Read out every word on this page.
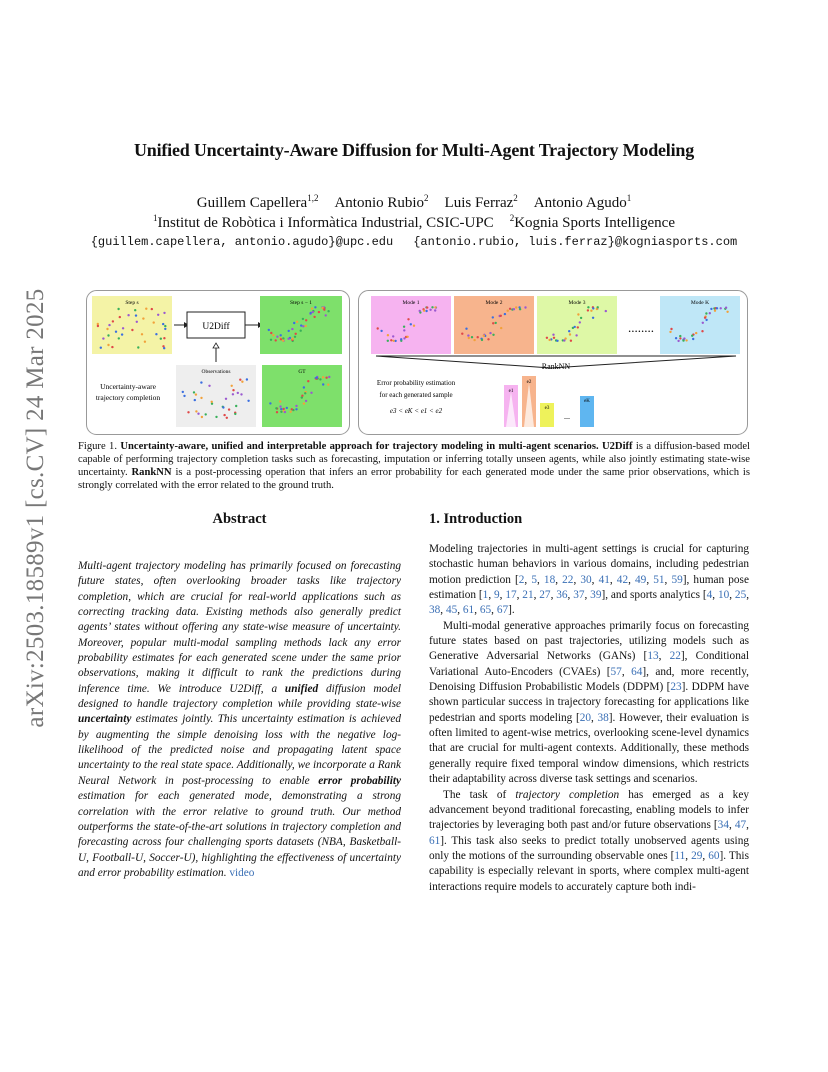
arXiv:2503.18589v1 [cs.CV] 24 Mar 2025
Unified Uncertainty-Aware Diffusion for Multi-Agent Trajectory Modeling
Guillem Capellera$^{1,2}$ Antonio Rubio$^2$ Luis Ferraz$^2$ Antonio Agudo$^1$
$^1$Institut de Robòtica i Informàtica Industrial, CSIC-UPC $^2$Kognia Sports Intelligence
{guillem.capellera, antonio.agudo}@upc.edu {antonio.rubio, luis.ferraz}@kogniasports.com
Step s
U2Diff
Step s − 1
Uncertainty-aware
trajectory completion
Observations	GT
Mode 1	Mode 2	Mode 3
........
Mode K
RankNN
Error probability estimation
for each generated sample
e3 < eK < e1 < e2
e1
e2
e3
...
eK
Figure 1. Uncertainty-aware, unified and interpretable approach for trajectory modeling in multi-agent scenarios. U2Diff is a diffusion-based model capable of performing trajectory completion tasks such as forecasting, imputation or inferring totally unseen agents, while also jointly estimating state-wise uncertainty. RankNN is a post-processing operation that infers an error probability for each generated mode under the same prior observations, which is strongly correlated with the error related to the ground truth.
Abstract	1. Introduction
Multi-agent trajectory modeling has primarily focused on forecasting future states, often overlooking broader tasks like trajectory completion, which are crucial for real-world applications such as correcting tracking data. Existing methods also generally predict agents’ states without offering any state-wise measure of uncertainty. Moreover, popular multi-modal sampling methods lack any error probability estimates for each generated scene under the same prior observations, making it difficult to rank the predictions during inference time. We introduce U2Diff, a unified diffusion model designed to handle trajectory completion while providing state-wise uncertainty estimates jointly. This uncertainty estimation is achieved by augmenting the simple denoising loss with the negative log-likelihood of the predicted noise and propagating latent space uncertainty to the real state space. Additionally, we incorporate a Rank Neural Network in post-processing to enable error probability estimation for each generated mode, demonstrating a strong correlation with the error relative to ground truth. Our method outperforms the state-of-the-art solutions in trajectory completion and forecasting across four challenging sports datasets (NBA, Basketball-U, Football-U, Soccer-U), highlighting the effectiveness of uncertainty and error probability estimation. video

Modeling trajectories in multi-agent settings is crucial for capturing stochastic human behaviors in various domains, including pedestrian motion prediction [2, 5, 18, 22, 30, 41, 42, 49, 51, 59], human pose estimation [1, 9, 17, 21, 27, 36, 37, 39], and sports analytics [4, 10, 25, 38, 45, 61, 65, 67].

Multi-modal generative approaches primarily focus on forecasting future states based on past trajectories, utilizing models such as Generative Adversarial Networks (GANs) [13, 22], Conditional Variational Auto-Encoders (CVAEs) [57, 64], and, more recently, Denoising Diffusion Probabilistic Models (DDPM) [23]. DDPM have shown particular success in trajectory forecasting for applications like pedestrian and sports modeling [20, 38]. However, their evaluation is often limited to agent-wise metrics, overlooking scene-level dynamics that are crucial for multi-agent contexts. Additionally, these methods generally require fixed temporal window dimensions, which restricts their adaptability across diverse task settings and scenarios.

The task of trajectory completion has emerged as a key advancement beyond traditional forecasting, enabling models to infer trajectories by leveraging both past and/or future observations [34, 47, 61]. This task also seeks to predict totally unobserved agents using only the motions of the surrounding observable ones [11, 29, 60]. This capability is especially relevant in sports, where complex multi-agent interactions require models to accurately capture both indi-
